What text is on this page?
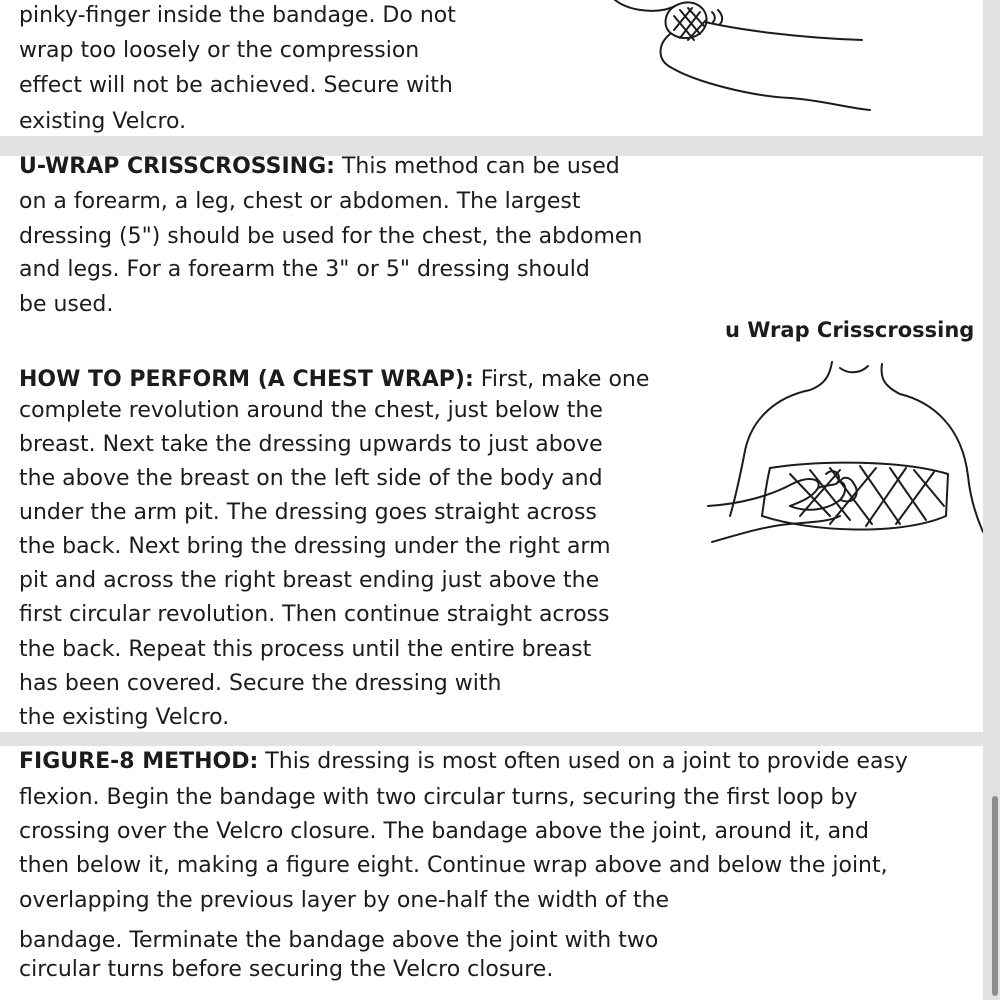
pinky-finger inside the bandage. Do not
wrap too loosely or the compression
effect will not be achieved. Secure with
existing Velcro.
U-WRAP CRISSCROSSING: This method can be used
on a forearm, a leg, chest or abdomen. The largest
dressing (5") should be used for the chest, the abdomen
and legs. For a forearm the 3" or 5" dressing should
be used.
HOW TO PERFORM (A CHEST WRAP): First, make one
complete revolution around the chest, just below the
breast. Next take the dressing upwards to just above
the above the breast on the left side of the body and
under the arm pit. The dressing goes straight across
the back. Next bring the dressing under the right arm
pit and across the right breast ending just above the
first circular revolution. Then continue straight across
the back. Repeat this process until the entire breast
has been covered. Secure the dressing with
the existing Velcro.
u Wrap Crisscrossing
FIGURE-8 METHOD: This dressing is most often used on a joint to provide easy
flexion. Begin the bandage with two circular turns, securing the first loop by
crossing over the Velcro closure. The bandage above the joint, around it, and
then below it, making a figure eight. Continue wrap above and below the joint,
overlapping the previous layer by one-half the width of the
bandage. Terminate the bandage above the joint with two
circular turns before securing the Velcro closure.
